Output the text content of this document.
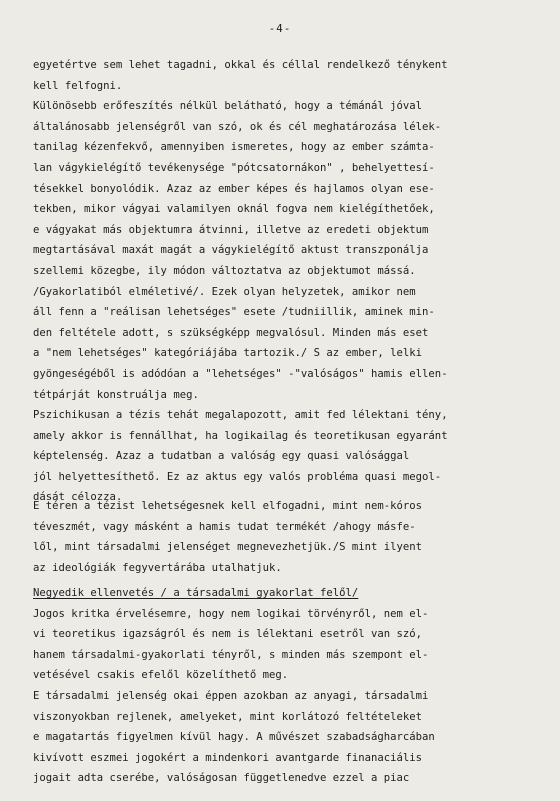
-4-
egyetértve sem lehet tagadni, okkal és céllal rendelkező ténykent
kell felfogni.
Különösebb erőfeszítés nélkül belátható, hogy a témánál jóval
általánosabb jelenségről van szó, ok és cél meghatározása lélek-
tanilag kézenfekvő, amennyiben ismeretes, hogy az ember számta-
lan vágykielégítő tevékenysége "pótcsatornákon" , behelyettesí-
tésekkel bonyolódik. Azaz az ember képes és hajlamos olyan ese-
tekben, mikor vágyai valamilyen oknál fogva nem kielégíthetőek,
e vágyakat más objektumra átvinni, illetve az eredeti objektum
megtartásával maxát magát a vágykielégítő aktust transzponálja
szellemi közegbe, ily módon változtatva az objektumot mássá.
/Gyakorlatiból elméletivé/. Ezek olyan helyzetek, amikor nem
áll fenn a "reálisan lehetséges" esete /tudniillik, aminek min-
den feltétele adott, s szükségképp megvalósul. Minden más eset
a "nem lehetséges" kategóriájába tartozik./ S az ember, lelki
gyöngeségéből is adódóan a "lehetséges" -"valóságos" hamis ellen-
tétpárját konstruálja meg.
Pszichikusan a tézis tehát megalapozott, amit fed lélektani tény,
amely akkor is fennállhat, ha logikailag és teoretikusan egyaránt
képtelenség. Azaz a tudatban a valóság egy quasi valósággal
jól helyettesíthető. Ez az aktus egy valós probléma quasi megol-
dását célozza.
E téren a tézist lehetségesnek kell elfogadni, mint nem-kóros
téveszmét, vagy másként a hamis tudat termékét /ahogy másfe-
lől, mint társadalmi jelenséget megnevezhetjük./S mint ilyent
az ideológiák fegyvertárába utalhatjuk.
Negyedik ellenvetés / a társadalmi gyakorlat felől/
Jogos kritka érvelésemre, hogy nem logikai törvényről, nem el-
vi teoretikus igazságról és nem is lélektani esetről van szó,
hanem társadalmi-gyakorlati tényről, s minden más szempont el-
vetésével csakis efelől közelíthető meg.
E társadalmi jelenség okai éppen azokban az anyagi, társadalmi
viszonyokban rejlenek, amelyeket, mint korlátozó feltételeket
e magatartás figyelmen kívül hagy. A művészet szabadságharcában
kivívott eszmei jogokért a mindenkori avantgarde finanaciális
jogait adta cserébe, valóságosan függetlenedve ezzel a piac
